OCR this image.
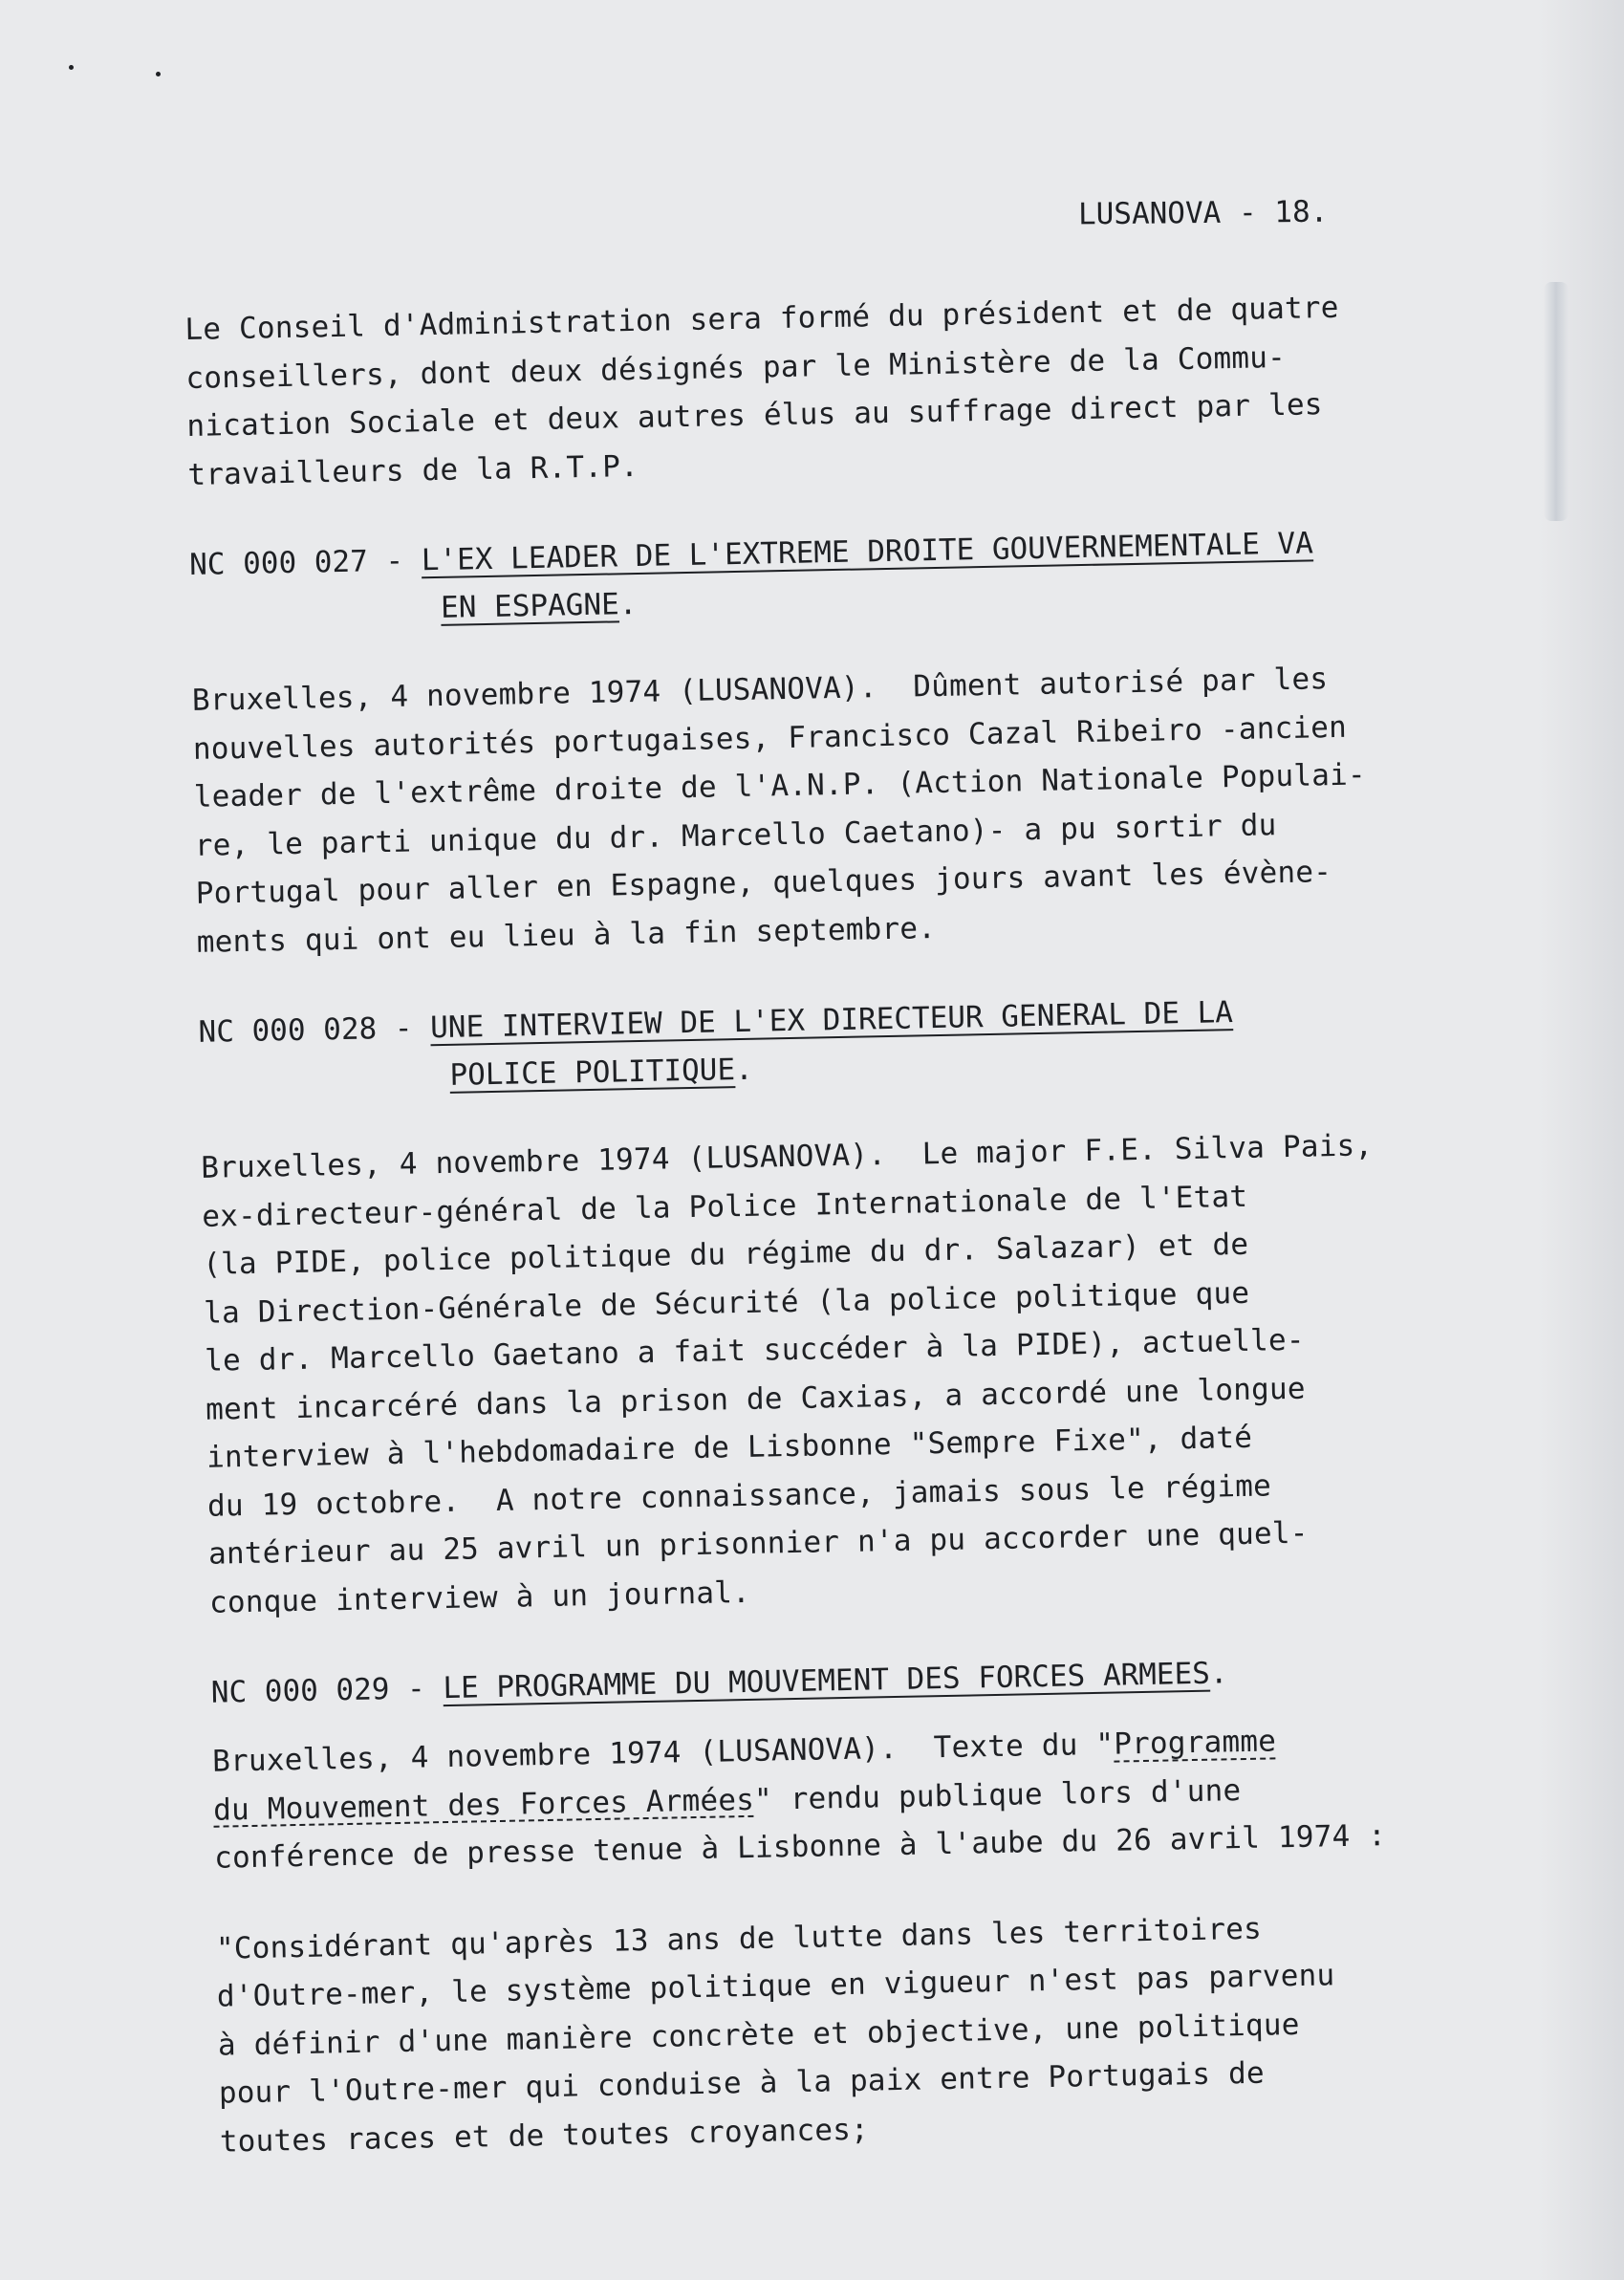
LUSANOVA - 18.
Le Conseil d'Administration sera formé du président et de quatre
conseillers, dont deux désignés par le Ministère de la Commu-
nication Sociale et deux autres élus au suffrage direct par les
travailleurs de la R.T.P.
NC 000 027 - L'EX LEADER DE L'EXTREME DROITE GOUVERNEMENTALE VA
EN ESPAGNE .
Bruxelles, 4 novembre 1974 (LUSANOVA).  Dûment autorisé par les
nouvelles autorités portugaises, Francisco Cazal Ribeiro -ancien
leader de l'extrême droite de l'A.N.P. (Action Nationale Populai-
re, le parti unique du dr. Marcello Caetano)- a pu sortir du
Portugal pour aller en Espagne, quelques jours avant les évène-
ments qui ont eu lieu à la fin septembre.
NC 000 028 - UNE INTERVIEW DE L'EX DIRECTEUR GENERAL DE LA
POLICE POLITIQUE .
Bruxelles, 4 novembre 1974 (LUSANOVA).  Le major F.E. Silva Pais,
ex-directeur-général de la Police Internationale de l'Etat
(la PIDE, police politique du régime du dr. Salazar) et de
la Direction-Générale de Sécurité (la police politique que
le dr. Marcello Gaetano a fait succéder à la PIDE), actuelle-
ment incarcéré dans la prison de Caxias, a accordé une longue
interview à l'hebdomadaire de Lisbonne "Sempre Fixe", daté
du 19 octobre.  A notre connaissance, jamais sous le régime
antérieur au 25 avril un prisonnier n'a pu accorder une quel-
conque interview à un journal.
NC 000 029 - LE PROGRAMME DU MOUVEMENT DES FORCES ARMEES .
Bruxelles, 4 novembre 1974 (LUSANOVA).  Texte du "Programme
du Mouvement des Forces Armées" rendu publique lors d'une
conférence de presse tenue à Lisbonne à l'aube du 26 avril 1974 :
"Considérant qu'après 13 ans de lutte dans les territoires
d'Outre-mer, le système politique en vigueur n'est pas parvenu
à définir d'une manière concrète et objective, une politique
pour l'Outre-mer qui conduise à la paix entre Portugais de
toutes races et de toutes croyances;
